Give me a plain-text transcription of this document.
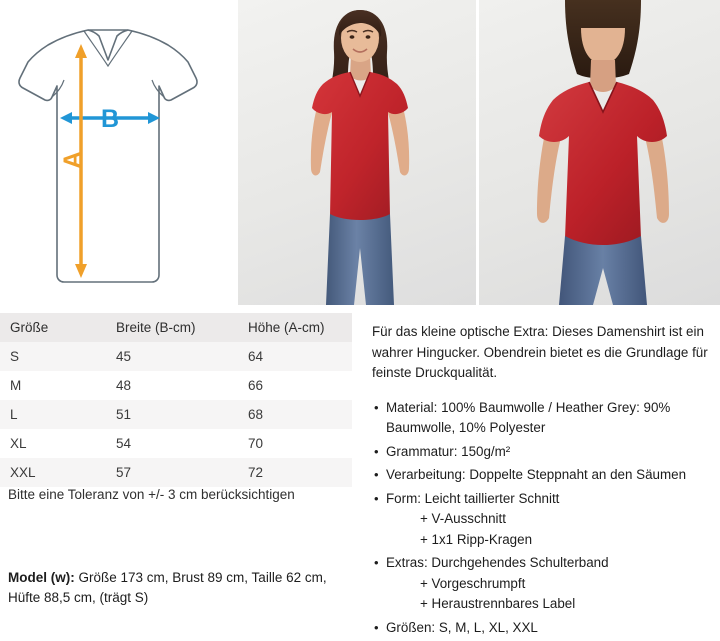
B
A
Größe	Breite (B-cm)	Höhe (A-cm)
S	45	64
M	48	66
L	51	68
XL	54	70
XXL	57	72
Bitte eine Toleranz von +/- 3 cm berücksichtigen
Model (w): Größe 173 cm, Brust 89 cm, Taille 62 cm,
Hüfte 88,5 cm, (trägt S)

Für das kleine optische Extra: Dieses Damenshirt ist ein wahrer Hingucker. Obendrein bietet es die Grundlage für feinste Druckqualität.

• Material: 100% Baumwolle / Heather Grey: 90% Baumwolle, 10% Polyester
• Grammatur: 150g/m²
• Verarbeitung: Doppelte Steppnaht an den Säumen
• Form: Leicht taillierter Schnitt
+ V-Ausschnitt
+ 1x1 Ripp-Kragen
• Extras: Durchgehendes Schulterband
+ Vorgeschrumpft
+ Heraustrennbares Label
• Größen: S, M, L, XL, XXL
